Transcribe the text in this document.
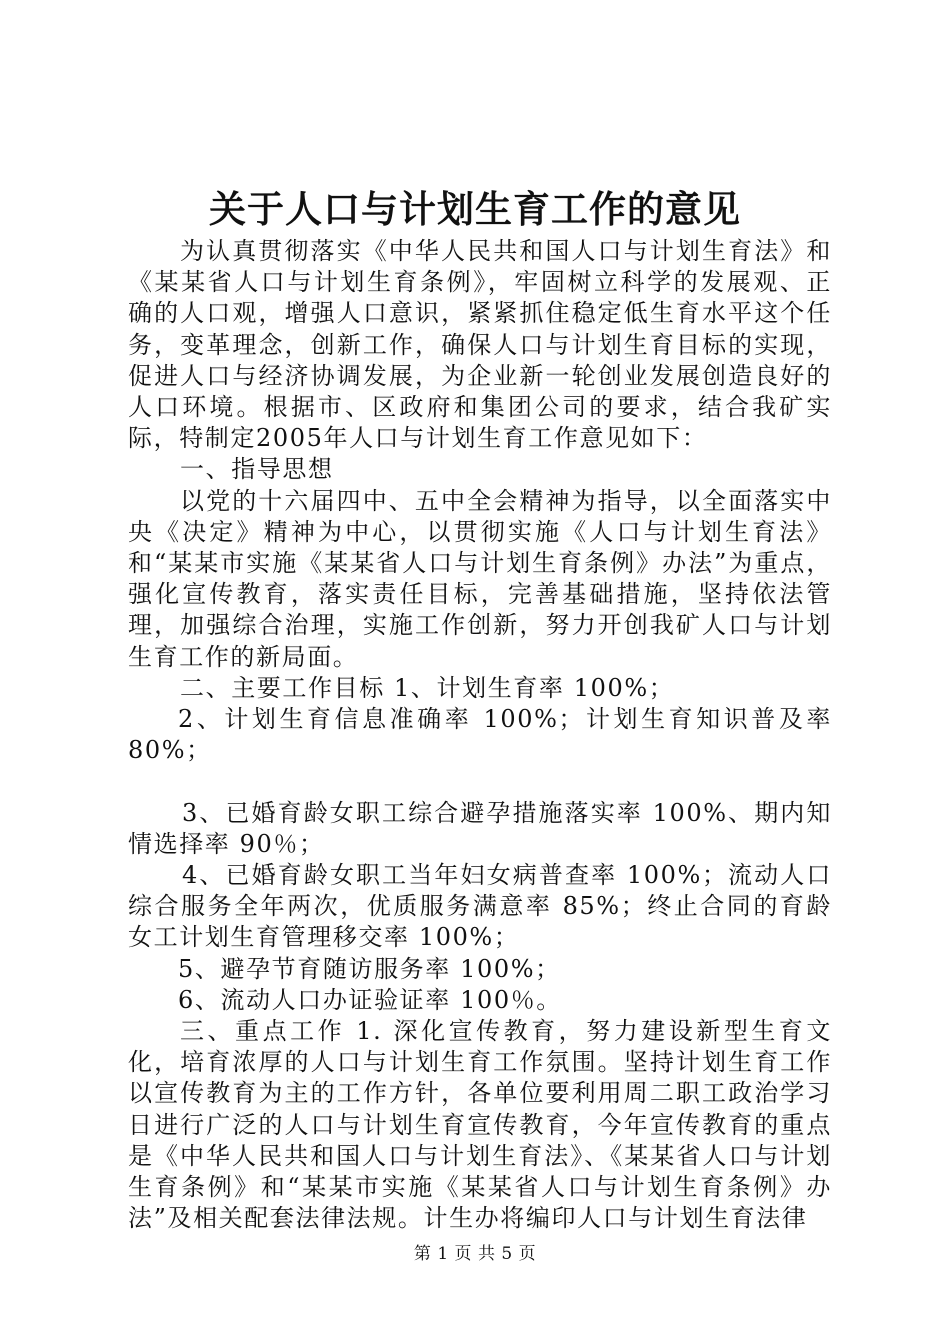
关于人口与计划生育工作的意见

为认真贯彻落实《中华人民共和国人口与计划生育法》和《某某省人口与计划生育条例》，牢固树立科学的发展观、正确的人口观，增强人口意识，紧紧抓住稳定低生育水平这个任务，变革理念，创新工作，确保人口与计划生育目标的实现，促进人口与经济协调发展，为企业新一轮创业发展创造良好的人口环境。根据市、区政府和集团公司的要求，结合我矿实际，特制定2005年人口与计划生育工作意见如下：

一、指导思想

以党的十六届四中、五中全会精神为指导，以全面落实中央《决定》精神为中心，以贯彻实施《人口与计划生育法》和“某某市实施《某某省人口与计划生育条例》办法”为重点，强化宣传教育，落实责任目标，完善基础措施，坚持依法管理，加强综合治理，实施工作创新，努力开创我矿人口与计划生育工作的新局面。

二、主要工作目标 1、计划生育率 100%；

2、计划生育信息准确率 100%；计划生育知识普及率 80%；

3、已婚育龄女职工综合避孕措施落实率 100%、期内知情选择率 90％；

4、已婚育龄女职工当年妇女病普查率 100%；流动人口综合服务全年两次，优质服务满意率 85%；终止合同的育龄女工计划生育管理移交率 100%；

5、避孕节育随访服务率 100%；

6、流动人口办证验证率 100％。

三、重点工作 1. 深化宣传教育，努力建设新型生育文化，培育浓厚的人口与计划生育工作氛围。坚持计划生育工作以宣传教育为主的工作方针，各单位要利用周二职工政治学习日进行广泛的人口与计划生育宣传教育，今年宣传教育的重点是《中华人民共和国人口与计划生育法》、《某某省人口与计划生育条例》和“某某市实施《某某省人口与计划生育条例》办法”及相关配套法律法规。计生办将编印人口与计划生育法律

第 1 页 共 5 页
